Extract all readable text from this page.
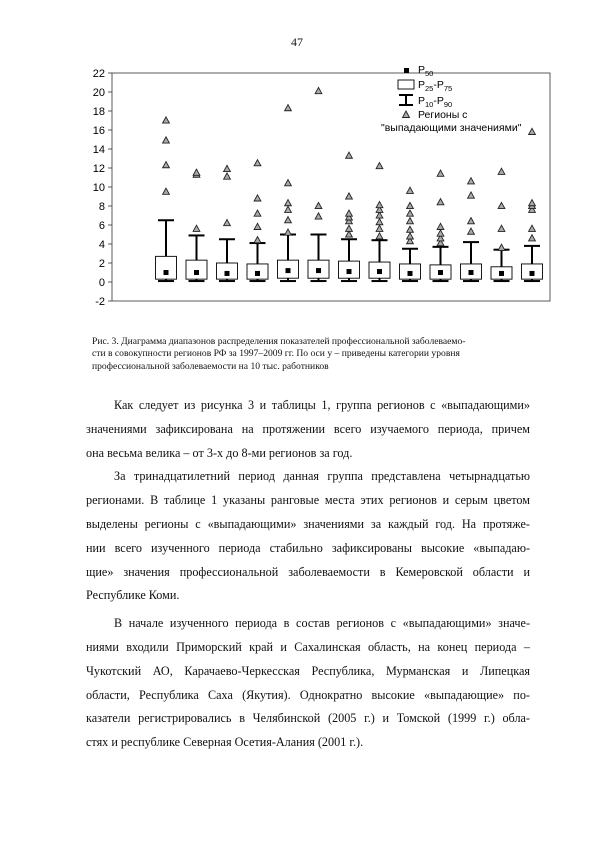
47
-2
0
2
4
6
8
10
12
14
16
18
20
22	$P_{50}$
$P_{25}-P_{75}$
$P_{10}-P_{90}$
Регионы с
"выпадающими значениями"

Рис. 3. Диаграмма диапазонов распределения показателей профессиональной заболеваемо-
сти в совокупности регионов РФ за 1997–2009 гг. По оси у – приведены категории уровня
профессиональной заболеваемости на 10 тыс. работников

Как следует из рисунка 3 и таблицы 1, группа регионов с «выпадающими»
значениями зафиксирована на протяжении всего изучаемого периода, причем
она весьма велика – от 3-х до 8-ми регионов за год.
За тринадцатилетний период данная группа представлена четырнадцатью
регионами. В таблице 1 указаны ранговые места этих регионов и серым цветом
выделены регионы с «выпадающими» значениями за каждый год. На протяже-
нии всего изученного периода стабильно зафиксированы высокие «выпадаю-
щие» значения профессиональной заболеваемости в Кемеровской области и
Республике Коми.
В начале изученного периода в состав регионов с «выпадающими» значе-
ниями входили Приморский край и Сахалинская область, на конец периода –
Чукотский АО, Карачаево-Черкесская Республика, Мурманская и Липецкая
области, Республика Саха (Якутия). Однократно высокие «выпадающие» по-
казатели регистрировались в Челябинской (2005 г.) и Томской (1999 г.) обла-
стях и республике Северная Осетия-Алания (2001 г.).
